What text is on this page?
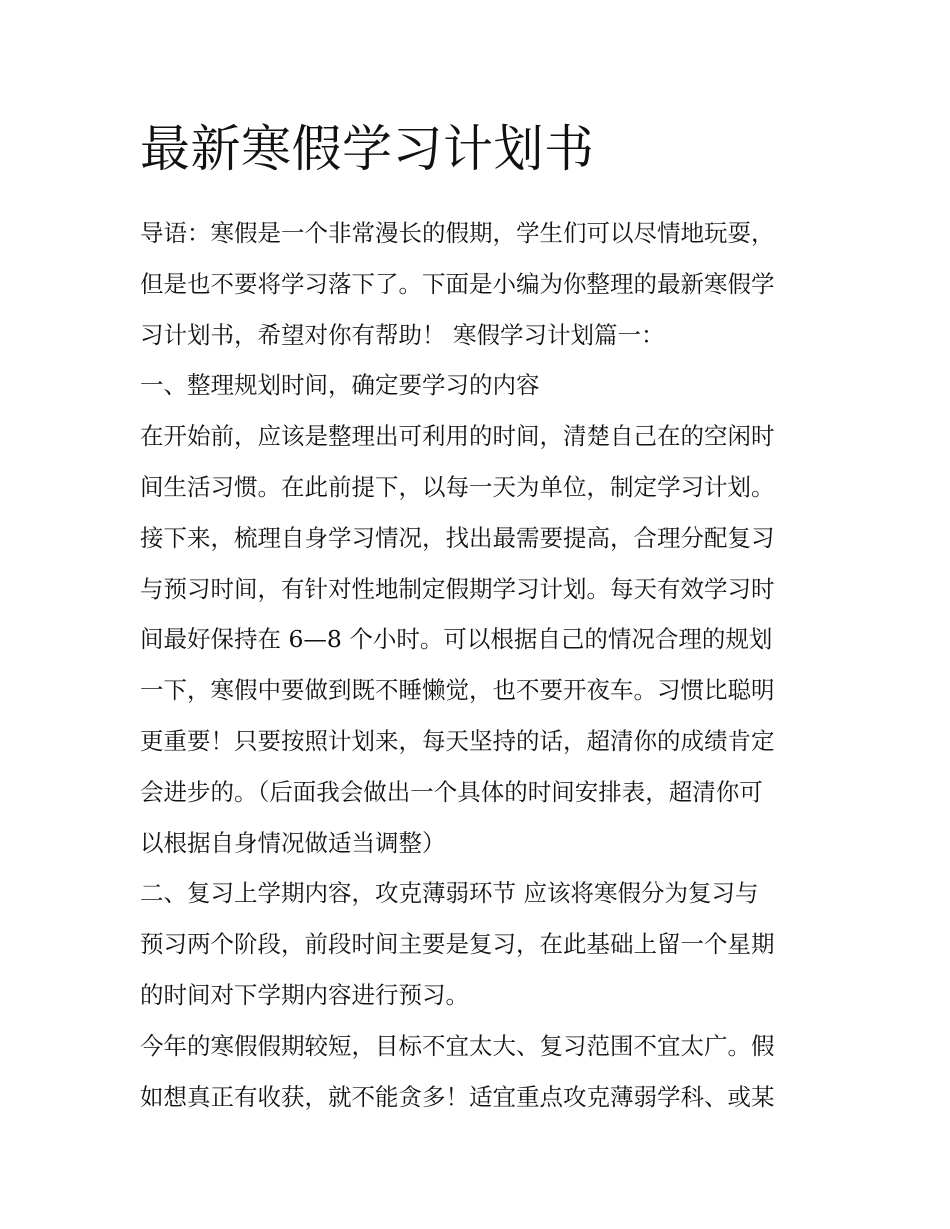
最新寒假学习计划书
导语：寒假是一个非常漫长的假期，学生们可以尽情地玩耍，
但是也不要将学习落下了。下面是小编为你整理的最新寒假学
习计划书，希望对你有帮助！ 寒假学习计划篇一：
一、整理规划时间，确定要学习的内容
在开始前，应该是整理出可利用的时间，清楚自己在的空闲时
间生活习惯。在此前提下，以每一天为单位，制定学习计划。
接下来，梳理自身学习情况，找出最需要提高，合理分配复习
与预习时间，有针对性地制定假期学习计划。每天有效学习时
间最好保持在 6—8 个小时。可以根据自己的情况合理的规划
一下，寒假中要做到既不睡懒觉，也不要开夜车。习惯比聪明
更重要！只要按照计划来，每天坚持的话，超清你的成绩肯定
会进步的。（后面我会做出一个具体的时间安排表，超清你可
以根据自身情况做适当调整）
二、复习上学期内容，攻克薄弱环节 应该将寒假分为复习与
预习两个阶段，前段时间主要是复习，在此基础上留一个星期
的时间对下学期内容进行预习。
今年的寒假假期较短，目标不宜太大、复习范围不宜太广。假
如想真正有收获，就不能贪多！适宜重点攻克薄弱学科、或某
